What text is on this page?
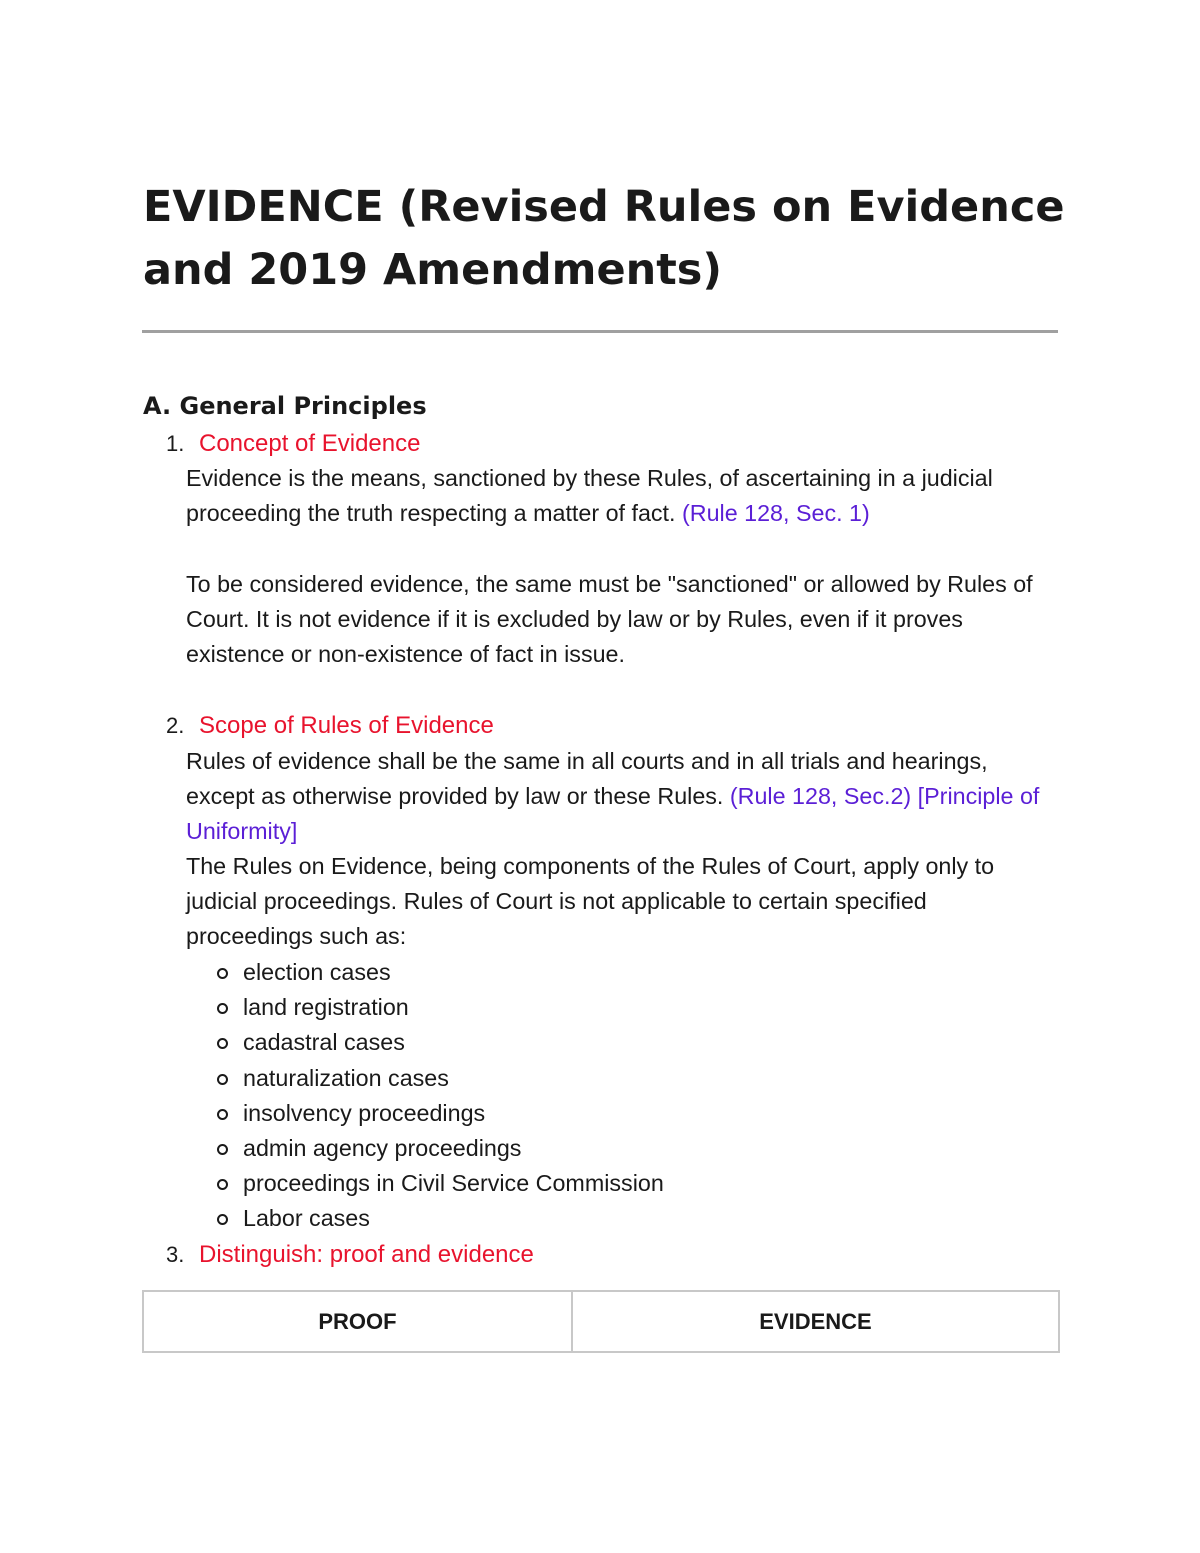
EVIDENCE (Revised Rules on Evidence and 2019 Amendments)
A. General Principles
1. Concept of Evidence

Evidence is the means, sanctioned by these Rules, of ascertaining in a judicial proceeding the truth respecting a matter of fact. (Rule 128, Sec. 1)

To be considered evidence, the same must be "sanctioned" or allowed by Rules of Court. It is not evidence if it is excluded by law or by Rules, even if it proves existence or non-existence of fact in issue.

2. Scope of Rules of Evidence

Rules of evidence shall be the same in all courts and in all trials and hearings, except as otherwise provided by law or these Rules. (Rule 128, Sec.2) [Principle of Uniformity]

The Rules on Evidence, being components of the Rules of Court, apply only to judicial proceedings. Rules of Court is not applicable to certain specified proceedings such as:

election cases
land registration
cadastral cases
naturalization cases
insolvency proceedings
admin agency proceedings
proceedings in Civil Service Commission
Labor cases
3. Distinguish: proof and evidence
PROOF	EVIDENCE
